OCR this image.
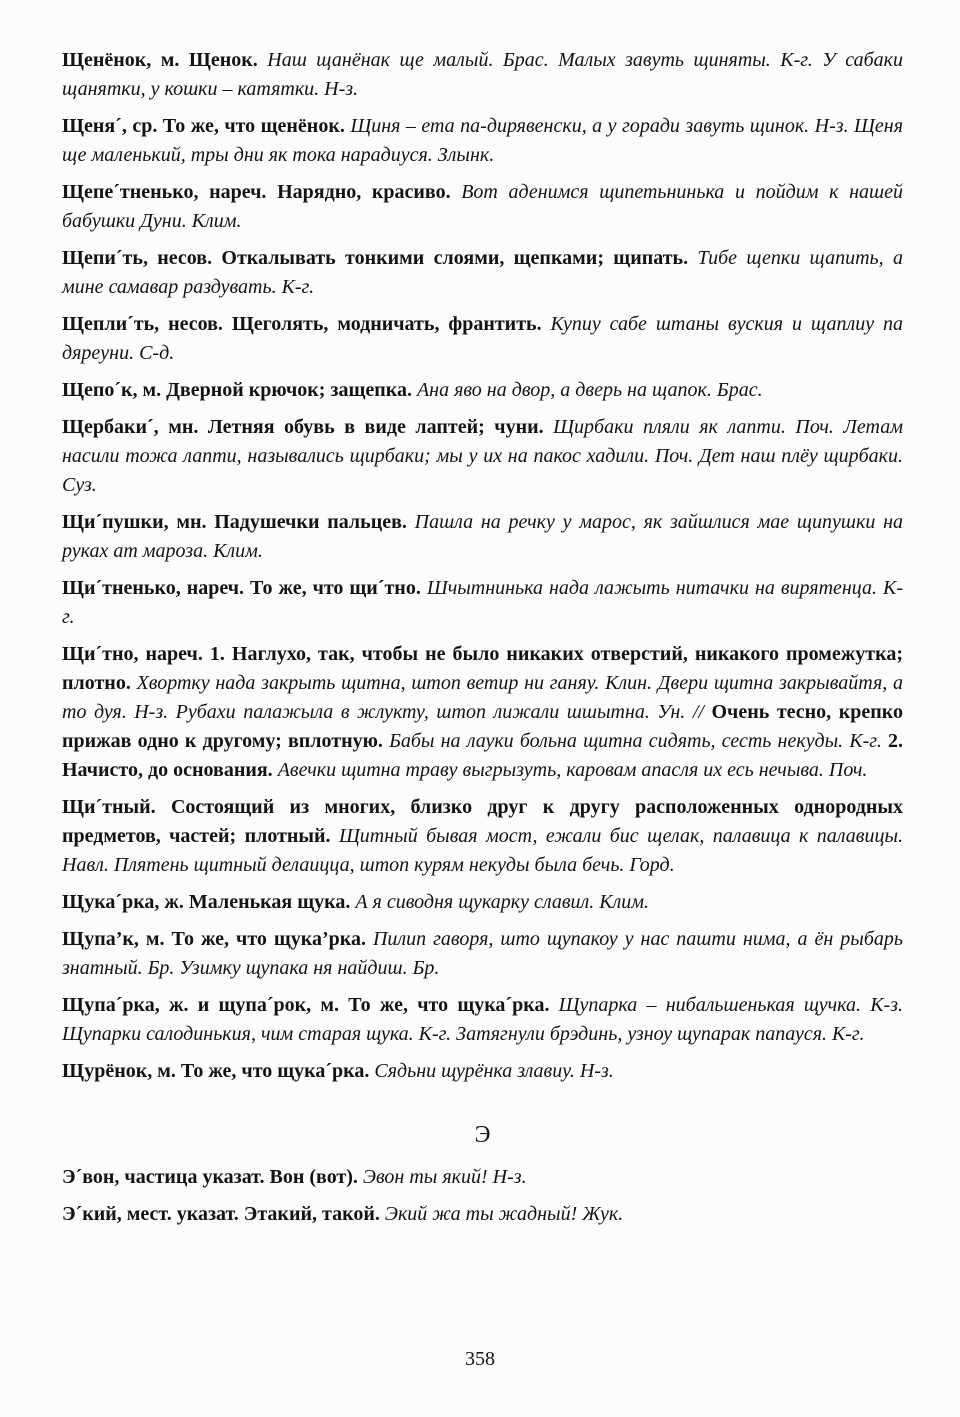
Щенёнок, м. Щенок. Наш щанёнак ще малый. Брас. Малых завуть щиняты. К-г. У сабаки щанятки, у кошки – катятки. Н-з.

Щеня´, ср. То же, что щенёнок. Щиня – ета па-дирявенски, а у горади завуть щинок. Н-з. Щеня ще маленький, тры дни як тока нарадиуся. Злынк.

Щепе´тненько, нареч. Нарядно, красиво. Вот аденимся щипетьнинька и пойдим к нашей бабушки Дуни. Клим.

Щепи´ть, несов. Откалывать тонкими слоями, щепками; щипать. Тибе щепки щапить, а мине самавар раздувать. К-г.

Щепли´ть, несов. Щеголять, модничать, франтить. Купиу сабе штаны вуския и щаплиу па дяреуни. С-д.

Щепо´к, м. Дверной крючок; защепка. Ана яво на двор, а дверь на щапок. Брас.

Щербаки´, мн. Летняя обувь в виде лаптей; чуни. Щирбаки пляли як лапти. Поч. Летам насили тожа лапти, назывались щирбаки; мы у их на пакос хадили. Поч. Дет наш плёу щирбаки. Суз.

Щи´пушки, мн. Падушечки пальцев. Пашла на речку у марос, як зайшлися мае щипушки на руках ат мароза. Клим.

Щи´тненько, нареч. То же, что щи´тно. Шчытнинька нада лажыть нитачки на вирятенца. К-г.

Щи´тно, нареч. 1. Наглухо, так, чтобы не было никаких отверстий, никакого промежутка; плотно. Хвортку нада закрыть щитна, штоп ветир ни ганяу. Клин. Двери щитна закрывайтя, а то дуя. Н-з. Рубахи палажыла в жлукту, штоп лижали шшытна. Ун. // Очень тесно, крепко прижав одно к другому; вплотную. Бабы на лауки больна щитна сидять, сесть некуды. К-г. 2. Начисто, до основания. Авечки щитна траву выгрызуть, каровам апасля их есь нечыва. Поч.

Щи´тный. Состоящий из многих, близко друг к другу расположенных однородных предметов, частей; плотный. Щитный бывая мост, ежали бис щелак, палавица к палавицы. Навл. Плятень щитный делаицца, штоп курям некуды была бечь. Горд.

Щука´рка, ж. Маленькая щука. А я сиводня щукарку славил. Клим.

Щупа’к, м. То же, что щука’рка. Пилип гаворя, што щупакоу у нас пашти нима, а ён рыбарь знатный. Бр. Узимку щупака ня найдиш. Бр.

Щупа´рка, ж. и щупа´рок, м. То же, что щука´рка. Щупарка – нибальшенькая щучка. К-з. Щупарки салодинькия, чим старая щука. К-г. Затягнули брэдинь, узноу щупарак папауся. К-г.

Щурёнок, м. То же, что щука´рка. Сядьни щурёнка злавиу. Н-з.

Э

Э´вон, частица указат. Вон (вот). Эвон ты який! Н-з.

Э´кий, мест. указат. Этакий, такой. Экий жа ты жадный! Жук.

358
